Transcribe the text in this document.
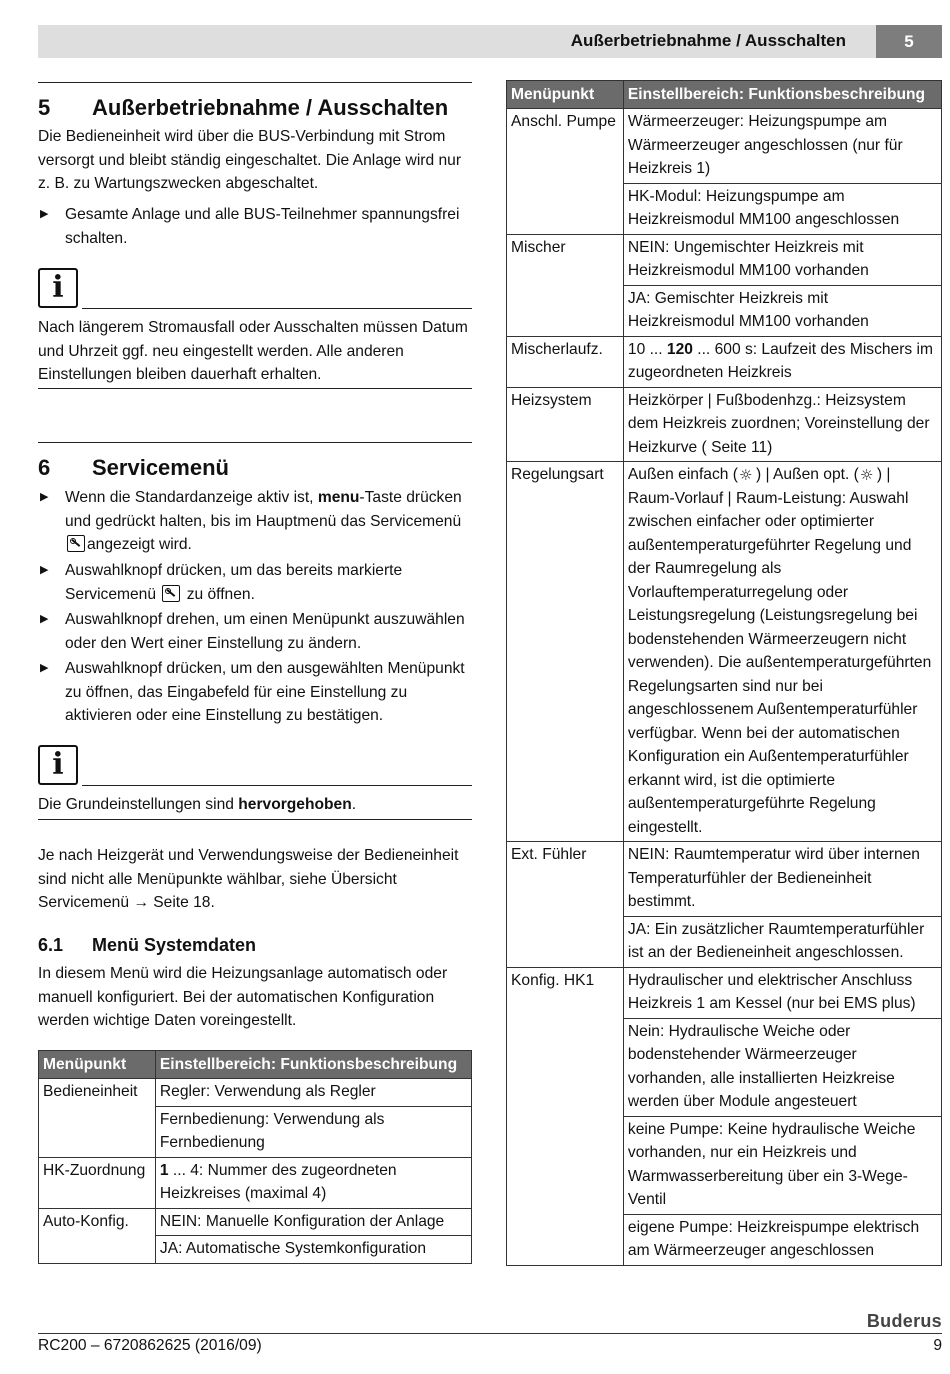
Außerbetriebnahme / Ausschalten	5
5 Außerbetriebnahme / Ausschalten
Die Bedieneinheit wird über die BUS-Verbindung mit Strom versorgt und bleibt ständig eingeschaltet. Die Anlage wird nur z. B. zu Wartungszwecken abgeschaltet.
▶
Gesamte Anlage und alle BUS-Teilnehmer spannungsfrei schalten.
i
Nach längerem Stromausfall oder Ausschalten müssen Datum und Uhrzeit ggf. neu eingestellt werden. Alle anderen Einstellungen bleiben dauerhaft erhalten.
6 Servicemenü
▶
Wenn die Standardanzeige aktiv ist, menu-Taste drücken und gedrückt halten, bis im Hauptmenü das Servicemenü
angezeigt wird.
▶
Auswahlknopf drücken, um das bereits markierte Servicemenü zu öffnen.
▶
Auswahlknopf drehen, um einen Menüpunkt auszuwählen oder den Wert einer Einstellung zu ändern.
▶
Auswahlknopf drücken, um den ausgewählten Menüpunkt zu öffnen, das Eingabefeld für eine Einstellung zu aktivieren oder eine Einstellung zu bestätigen.
i
Die Grundeinstellungen sind hervorgehoben.
Je nach Heizgerät und Verwendungsweise der Bedieneinheit sind nicht alle Menüpunkte wählbar, siehe Übersicht Servicemenü → Seite 18.
6.1 Menü Systemdaten
In diesem Menü wird die Heizungsanlage automatisch oder manuell konfiguriert. Bei der automatischen Konfiguration werden wichtige Daten voreingestellt.
Menüpunkt	Einstellbereich: Funktionsbeschreibung
Bedieneinheit	Regler: Verwendung als Regler
	Fernbedienung: Verwendung als Fernbedienung
HK-Zuordnung	1 ... 4: Nummer des zugeordneten Heizkreises (maximal 4)
Auto-Konfig.	NEIN: Manuelle Konfiguration der Anlage
	JA: Automatische Systemkonfiguration
Menüpunkt	Einstellbereich: Funktionsbeschreibung
Anschl. Pumpe	Wärmeerzeuger: Heizungspumpe am Wärmeerzeuger angeschlossen (nur für Heizkreis 1)
	HK-Modul: Heizungspumpe am Heizkreismodul MM100 angeschlossen
Mischer	NEIN: Ungemischter Heizkreis mit Heizkreismodul MM100 vorhanden
	JA: Gemischter Heizkreis mit Heizkreismodul MM100 vorhanden
Mischerlaufz.	10 ... 120 ... 600 s: Laufzeit des Mischers im zugeordneten Heizkreis
Heizsystem	Heizkörper | Fußbodenhzg.: Heizsystem dem Heizkreis zuordnen; Voreinstellung der Heizkurve ( Seite 11)
Regelungsart	Außen einfach ( ☼ ) | Außen opt. ( ☼ ) | Raum-Vorlauf | Raum-Leistung: Auswahl zwischen einfacher oder optimierter außentemperaturgeführter Regelung und der Raumregelung als Vorlauftemperaturregelung oder Leistungsregelung (Leistungsregelung bei bodenstehenden Wärmeerzeugern nicht verwenden). Die außentemperaturgeführten Regelungsarten sind nur bei angeschlossenem Außentemperaturfühler verfügbar. Wenn bei der automatischen Konfiguration ein Außentemperaturfühler erkannt wird, ist die optimierte außentemperaturgeführte Regelung eingestellt.
Ext. Fühler	NEIN: Raumtemperatur wird über internen Temperaturfühler der Bedieneinheit bestimmt.
	JA: Ein zusätzlicher Raumtemperaturfühler ist an der Bedieneinheit angeschlossen.
Konfig. HK1	Hydraulischer und elektrischer Anschluss Heizkreis 1 am Kessel (nur bei EMS plus)
	Nein: Hydraulische Weiche oder bodenstehender Wärmeerzeuger vorhanden, alle installierten Heizkreise werden über Module angesteuert
	keine Pumpe: Keine hydraulische Weiche vorhanden, nur ein Heizkreis und Warmwasserbereitung über ein 3-Wege-Ventil
	eigene Pumpe: Heizkreispumpe elektrisch am Wärmeerzeuger angeschlossen
Buderus
RC200 – 6720862625 (2016/09)	9
